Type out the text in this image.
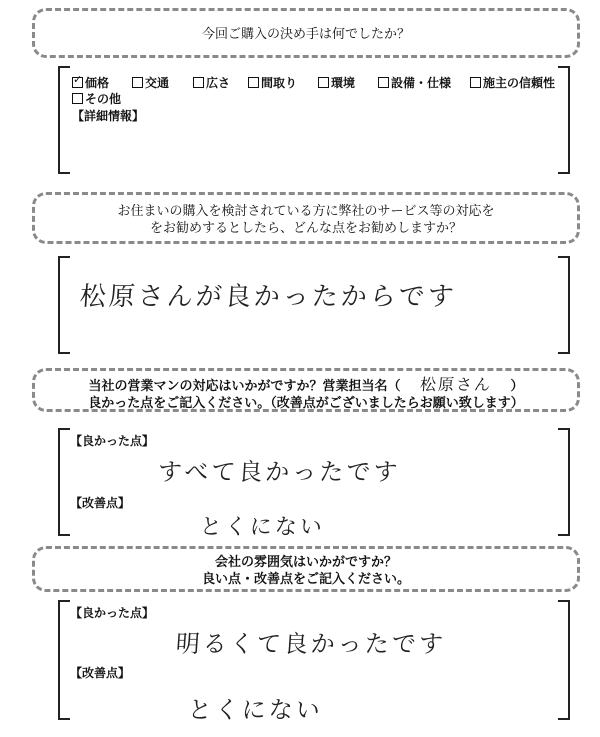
今回ご購入の決め手は何でしたか？
✓価格	交通	広さ	間取り	環境	設備・仕様	施主の信頼性
その他
【詳細情報】
お住まいの購入を検討されている方に弊社のサービス等の対応を
をお勧めするとしたら、どんな点をお勧めしますか？
松原さんが良かったからです
当社の営業マンの対応はいかがですか？営業担当名（ 松原さん ）
良かった点をご記入ください。（改善点がございましたらお願い致します）
【良かった点】
すべて良かったです
【改善点】
とくにない
会社の雰囲気はいかがですか？
良い点・改善点をご記入ください。
【良かった点】
明るくて良かったです
【改善点】
とくにない
